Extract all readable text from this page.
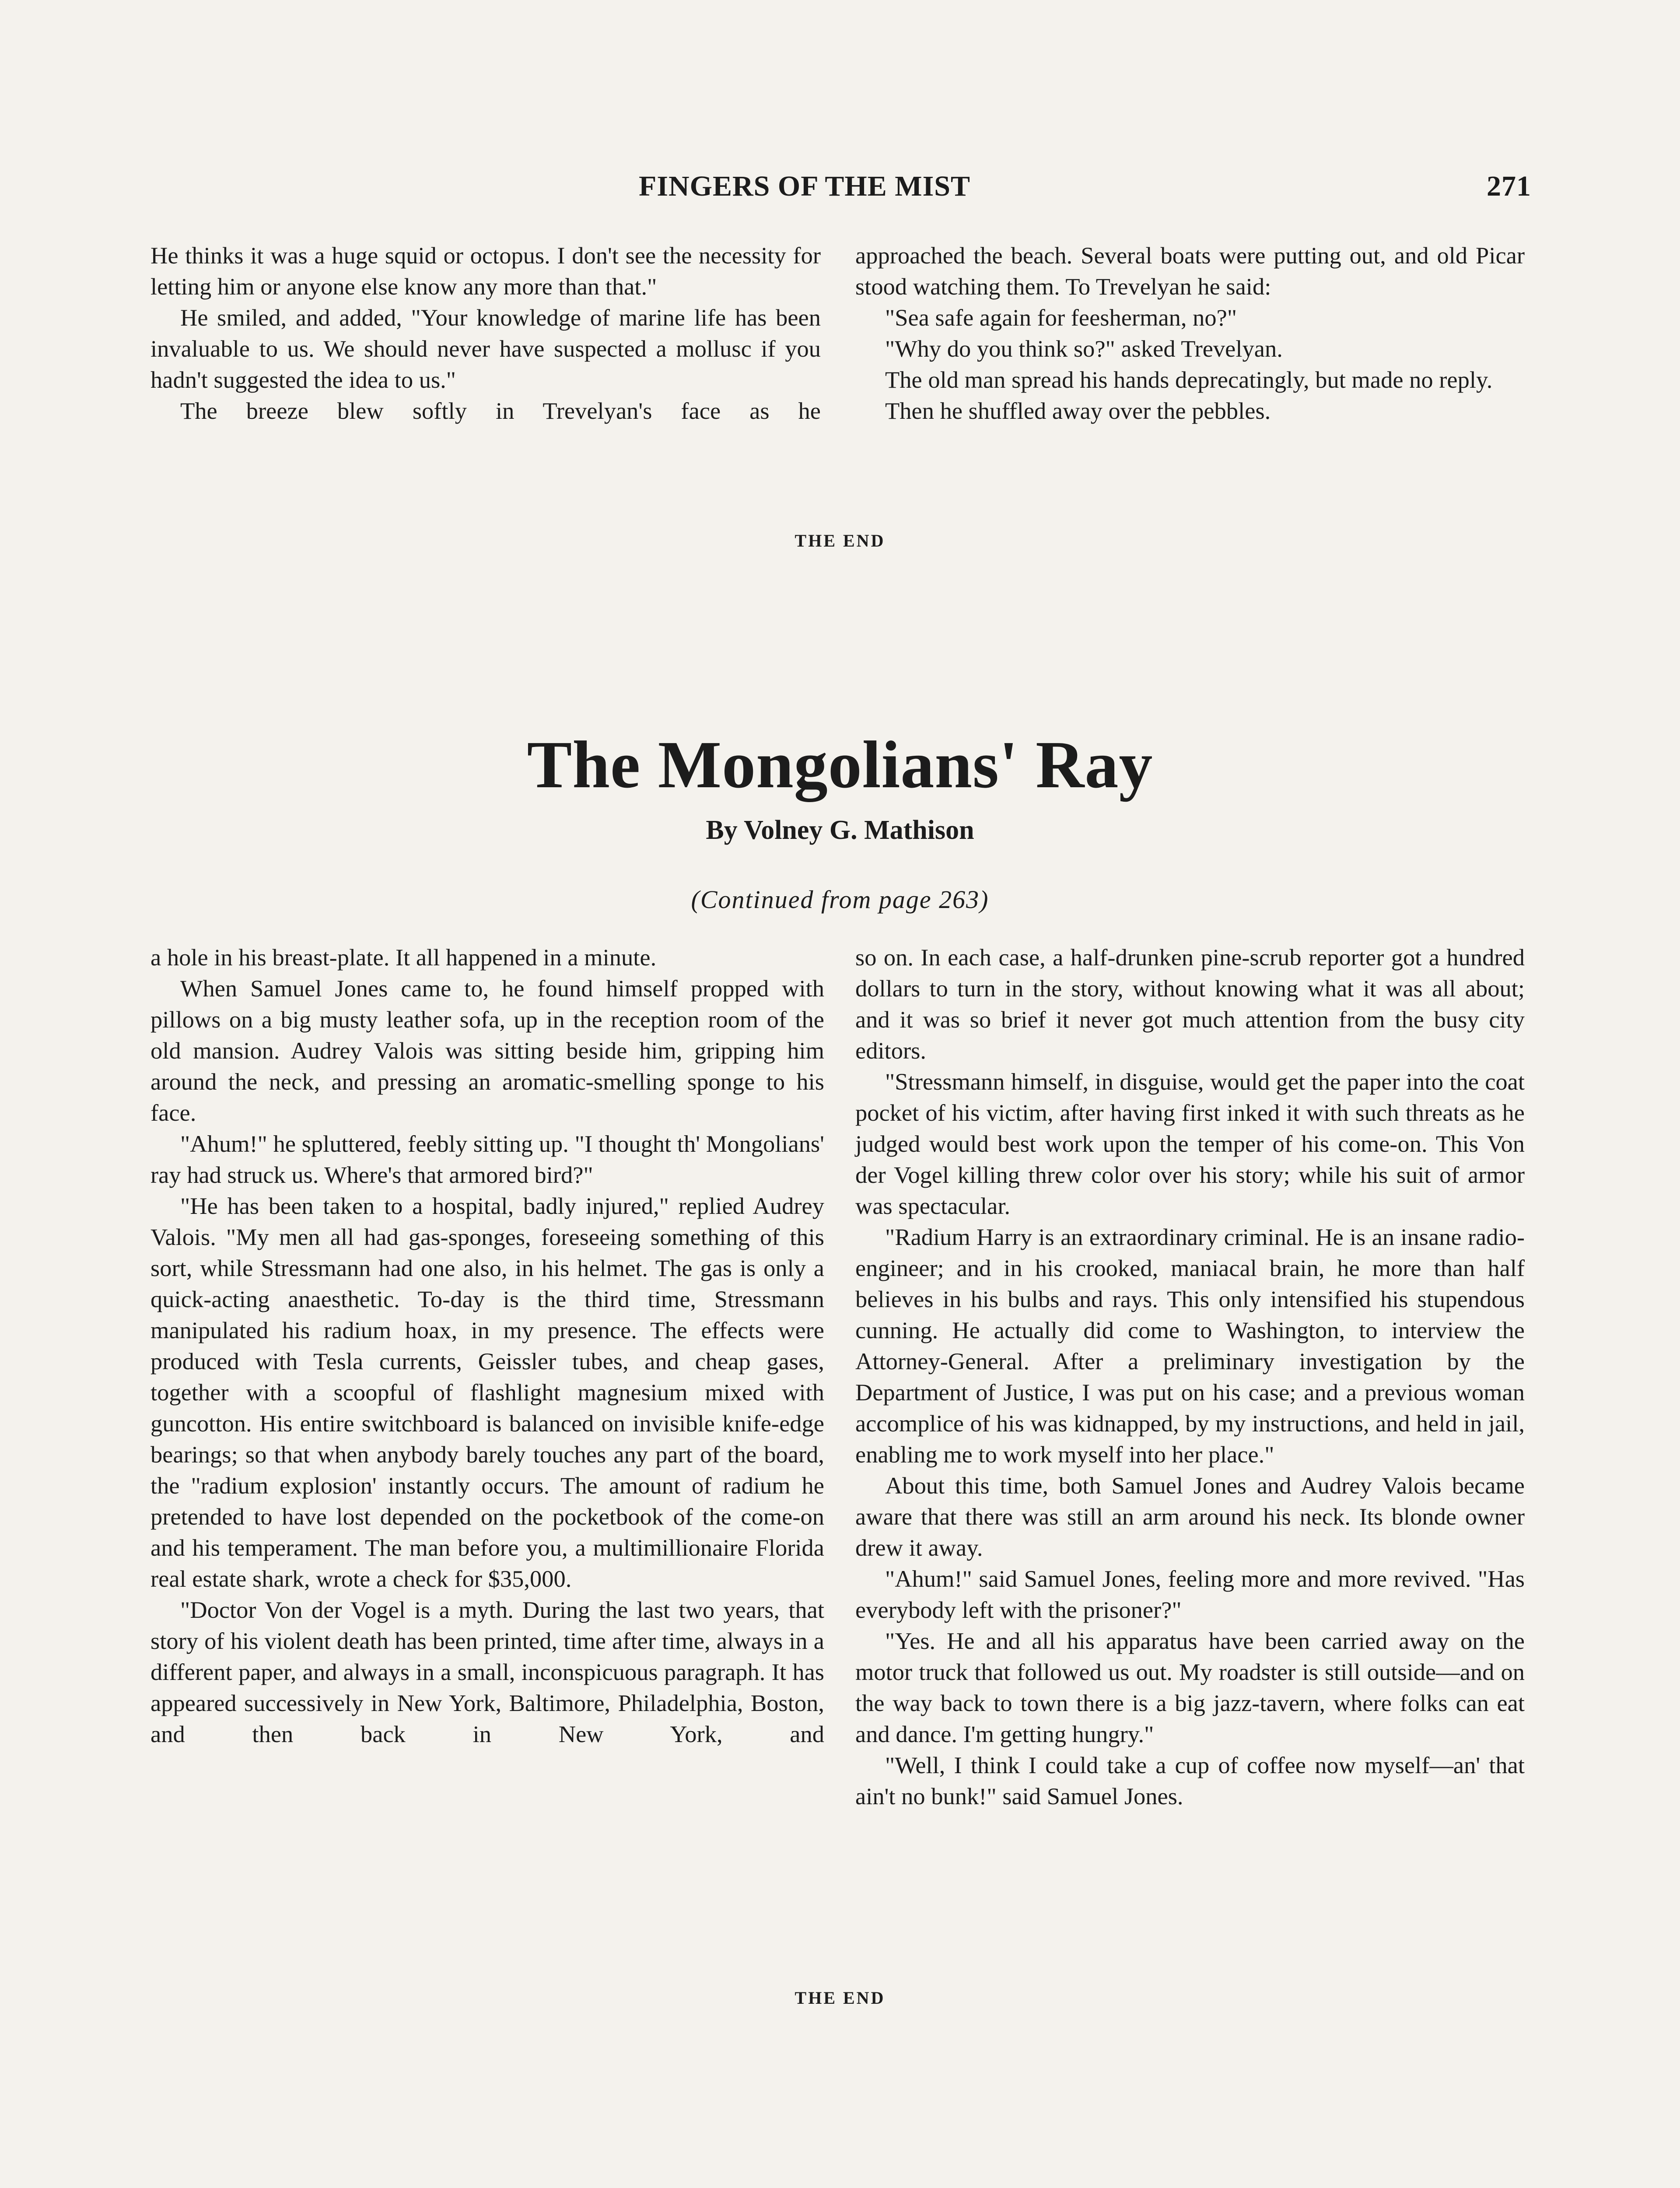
FINGERS OF THE MIST	271

He thinks it was a huge squid or octopus. I don't see the necessity for letting him or anyone else know any more than that."

He smiled, and added, "Your knowledge of marine life has been invaluable to us. We should never have suspected a mollusc if you hadn't suggested the idea to us."

The breeze blew softly in Trevelyan's face as he

approached the beach. Several boats were putting out, and old Picar stood watching them. To Trevelyan he said:

"Sea safe again for feesherman, no?"

"Why do you think so?" asked Trevelyan.

The old man spread his hands deprecatingly, but made no reply.

Then he shuffled away over the pebbles.

THE END
The Mongolians' Ray
By Volney G. Mathison
(Continued from page 263)

a hole in his breast-plate. It all happened in a minute.

When Samuel Jones came to, he found himself propped with pillows on a big musty leather sofa, up in the reception room of the old mansion. Audrey Valois was sitting beside him, gripping him around the neck, and pressing an aromatic-smelling sponge to his face.

"Ahum!" he spluttered, feebly sitting up. "I thought th' Mongolians' ray had struck us. Where's that armored bird?"

"He has been taken to a hospital, badly injured," replied Audrey Valois. "My men all had gas-sponges, foreseeing something of this sort, while Stressmann had one also, in his helmet. The gas is only a quick-acting anaesthetic. To-day is the third time, Stressmann manipulated his radium hoax, in my presence. The effects were produced with Tesla currents, Geissler tubes, and cheap gases, together with a scoopful of flashlight magnesium mixed with guncotton. His entire switchboard is balanced on invisible knife-edge bearings; so that when anybody barely touches any part of the board, the "radium explosion' instantly occurs. The amount of radium he pretended to have lost depended on the pocketbook of the come-on and his temperament. The man before you, a multimillionaire Florida real estate shark, wrote a check for $35,000.

"Doctor Von der Vogel is a myth. During the last two years, that story of his violent death has been printed, time after time, always in a different paper, and always in a small, inconspicuous paragraph. It has appeared successively in New York, Baltimore, Philadelphia, Boston, and then back in New York, and

so on. In each case, a half-drunken pine-scrub reporter got a hundred dollars to turn in the story, without knowing what it was all about; and it was so brief it never got much attention from the busy city editors.

"Stressmann himself, in disguise, would get the paper into the coat pocket of his victim, after having first inked it with such threats as he judged would best work upon the temper of his come-on. This Von der Vogel killing threw color over his story; while his suit of armor was spectacular.

"Radium Harry is an extraordinary criminal. He is an insane radio-engineer; and in his crooked, maniacal brain, he more than half believes in his bulbs and rays. This only intensified his stupendous cunning. He actually did come to Washington, to interview the Attorney-General. After a preliminary investigation by the Department of Justice, I was put on his case; and a previous woman accomplice of his was kidnapped, by my instructions, and held in jail, enabling me to work myself into her place."

About this time, both Samuel Jones and Audrey Valois became aware that there was still an arm around his neck. Its blonde owner drew it away.

"Ahum!" said Samuel Jones, feeling more and more revived. "Has everybody left with the prisoner?"

"Yes. He and all his apparatus have been carried away on the motor truck that followed us out. My roadster is still outside—and on the way back to town there is a big jazz-tavern, where folks can eat and dance. I'm getting hungry."

"Well, I think I could take a cup of coffee now myself—an' that ain't no bunk!" said Samuel Jones.

THE END
